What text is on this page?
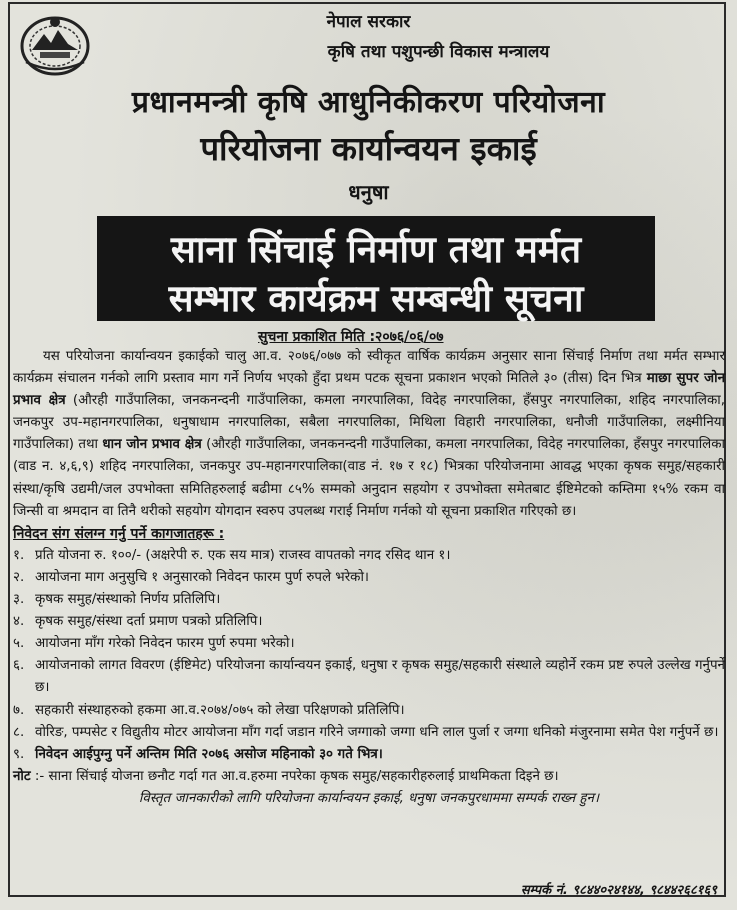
नेपाल सरकार
कृषि तथा पशुपन्छी विकास मन्त्रालय
प्रधानमन्त्री कृषि आधुनिकीकरण परियोजना
परियोजना कार्यान्वयन इकाई
धनुषा
साना सिंचाई निर्माण तथा मर्मत
सम्भार कार्यक्रम सम्बन्धी सूचना
सुचना प्रकाशित मिति :२०७६/०६/०७

यस परियोजना कार्यान्वयन इकाईको चालु आ.व. २०७६/०७७ को स्वीकृत वार्षिक कार्यक्रम अनुसार साना सिंचाई निर्माण तथा मर्मत सम्भार कार्यक्रम संचालन गर्नको लागि प्रस्ताव माग गर्ने निर्णय भएको हुँदा प्रथम पटक सूचना प्रकाशन भएको मितिले ३० (तीस) दिन भित्र माछा सुपर जोन प्रभाव क्षेत्र (औरही गाउँपालिका, जनकनन्दनी गाउँपालिका, कमला नगरपालिका, विदेह नगरपालिका, हँसपुर नगरपालिका, शहिद नगरपालिका, जनकपुर उप-महानगरपालिका, धनुषाधाम नगरपालिका, सबैला नगरपालिका, मिथिला विहारी नगरपालिका, धनौजी गाउँपालिका, लक्ष्मीनिया गाउँपालिका) तथा धान जोन प्रभाव क्षेत्र (औरही गाउँपालिका, जनकनन्दनी गाउँपालिका, कमला नगरपालिका, विदेह नगरपालिका, हँसपुर नगरपालिका (वाड न. ४,६,९) शहिद नगरपालिका, जनकपुर उप-महानगरपालिका(वाड नं. १७ र १८) भित्रका परियोजनामा आवद्ध भएका कृषक समुह/सहकारी संस्था/कृषि उद्यमी/जल उपभोक्ता समितिहरुलाई बढीमा ८५% सम्मको अनुदान सहयोग र उपभोक्ता समेतबाट ईष्टिमेटको कम्तिमा १५% रकम वा जिन्सी वा श्रमदान वा तिनै थरीको सहयोग योगदान स्वरुप उपलब्ध गराई निर्माण गर्नको यो सूचना प्रकाशित गरिएको छ।

निवेदन संग संलग्न गर्नु पर्ने कागजातहरू :
१. प्रति योजना रु. १००/- (अक्षरेपी रु. एक सय मात्र) राजस्व वापतको नगद रसिद थान १।
२. आयोजना माग अनुसुचि १ अनुसारको निवेदन फारम पुर्ण रुपले भरेको।
३. कृषक समुह/संस्थाको निर्णय प्रतिलिपि।
४. कृषक समुह/संस्था दर्ता प्रमाण पत्रको प्रतिलिपि।
५. आयोजना माँग गरेको निवेदन फारम पुर्ण रुपमा भरेको।
६. आयोजनाको लागत विवरण (ईष्टिमेट) परियोजना कार्यान्वयन इकाई, धनुषा र कृषक समुह/सहकारी संस्थाले व्यहोर्ने रकम प्रष्ट रुपले उल्लेख गर्नुपर्ने छ।
७. सहकारी संस्थाहरुको हकमा आ.व.२०७४/०७५ को लेखा परिक्षणको प्रतिलिपि।
८. वोरिङ, पम्पसेट र विद्युतीय मोटर आयोजना माँग गर्दा जडान गरिने जग्गाको जग्गा धनि लाल पुर्जा र जग्गा धनिको मंजुरनामा समेत पेश गर्नुपर्ने छ।
९. निवेदन आईपुग्नु पर्ने अन्तिम मिति २०७६ असोज महिनाको ३० गते भित्र।
नोट :- साना सिंचाई योजना छनौट गर्दा गत आ.व.हरुमा नपरेका कृषक समुह/सहकारीहरुलाई प्राथमिकता दिइने छ।
विस्तृत जानकारीको लागि परियोजना कार्यान्वयन इकाई, धनुषा जनकपुरधाममा सम्पर्क राख्न हुन।
सम्पर्क नं. ९८४४०२४१४४, ९८४४२६८१६९
